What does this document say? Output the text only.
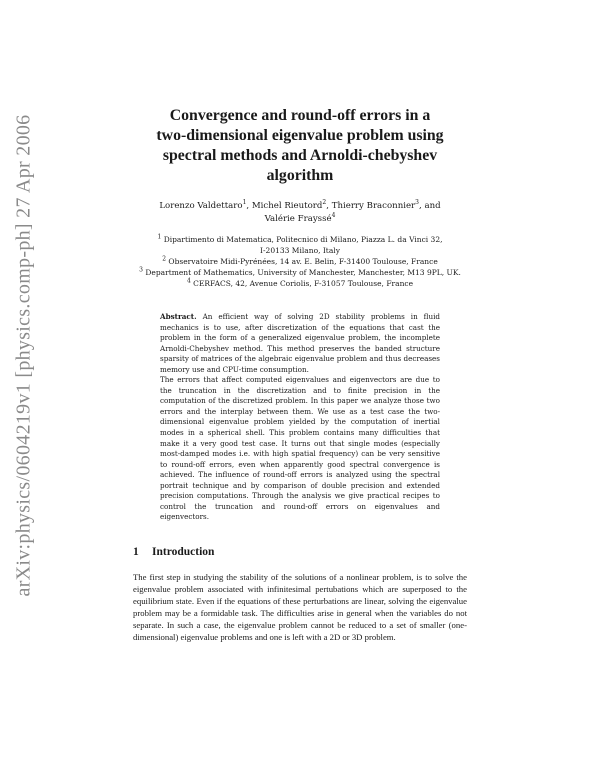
arXiv:physics/0604219v1 [physics.comp-ph] 27 Apr 2006	Convergence and round-off errors in a
two-dimensional eigenvalue problem using
spectral methods and Arnoldi-chebyshev
algorithm
Lorenzo Valdettaro$^1$, Michel Rieutord$^2$, Thierry Braconnier$^3$, and Valérie Frayssé$^4$
$^1$ Dipartimento di Matematica, Politecnico di Milano, Piazza L. da Vinci 32, I-20133 Milano, Italy
$^2$ Observatoire Midi-Pyrénées, 14 av. E. Belin, F-31400 Toulouse, France
$^3$ Department of Mathematics, University of Manchester, Manchester, M13 9PL, UK.
$^4$ CERFACS, 42, Avenue Coriolis, F-31057 Toulouse, France

Abstract. An efficient way of solving 2D stability problems in fluid mechanics is to use, after discretization of the equations that cast the problem in the form of a generalized eigenvalue problem, the incomplete Arnoldi-Chebyshev method. This method preserves the banded structure sparsity of matrices of the algebraic eigenvalue problem and thus decreases memory use and CPU-time consumption.

The errors that affect computed eigenvalues and eigenvectors are due to the truncation in the discretization and to finite precision in the computation of the discretized problem. In this paper we analyze those two errors and the interplay between them. We use as a test case the two-dimensional eigenvalue problem yielded by the computation of inertial modes in a spherical shell. This problem contains many difficulties that make it a very good test case. It turns out that single modes (especially most-damped modes i.e. with high spatial frequency) can be very sensitive to round-off errors, even when apparently good spectral convergence is achieved. The influence of round-off errors is analyzed using the spectral portrait technique and by comparison of double precision and extended precision computations. Through the analysis we give practical recipes to control the truncation and round-off errors on eigenvalues and eigenvectors.

1 Introduction

The first step in studying the stability of the solutions of a nonlinear problem, is to solve the eigenvalue problem associated with infinitesimal pertubations which are superposed to the equilibrium state. Even if the equations of these perturbations are linear, solving the eigenvalue problem may be a formidable task. The difficulties arise in general when the variables do not separate. In such a case, the eigenvalue problem cannot be reduced to a set of smaller (one-dimensional) eigenvalue problems and one is left with a 2D or 3D problem.
